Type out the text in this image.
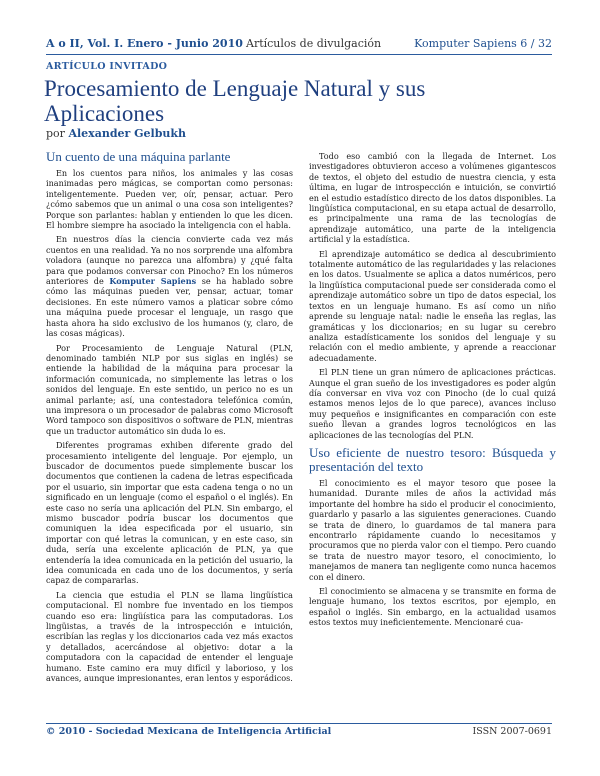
A o II, Vol. I. Enero - Junio 2010 Artículos de divulgación	Komputer Sapiens 6 / 32
ARTÍCULO INVITADO
Procesamiento de Lenguaje Natural y sus Aplicaciones
por Alexander Gelbukh
Un cuento de una máquina parlante

En los cuentos para niños, los animales y las cosas inanimadas pero mágicas, se comportan como personas: inteligentemente. Pueden ver, oír, pensar, actuar. Pero ¿cómo sabemos que un animal o una cosa son inteligentes? Porque son parlantes: hablan y entienden lo que les dicen. El hombre siempre ha asociado la inteligencia con el habla.

En nuestros días la ciencia convierte cada vez más cuentos en una realidad. Ya no nos sorprende una alfombra voladora (aunque no parezca una alfombra) y ¿qué falta para que podamos conversar con Pinocho? En los números anteriores de Komputer Sapiens se ha hablado sobre cómo las máquinas pueden ver, pensar, actuar, tomar decisiones. En este número vamos a platicar sobre cómo una máquina puede procesar el lenguaje, un rasgo que hasta ahora ha sido exclusivo de los humanos (y, claro, de las cosas mágicas).

Por Procesamiento de Lenguaje Natural (PLN, denominado también NLP por sus siglas en inglés) se entiende la habilidad de la máquina para procesar la información comunicada, no simplemente las letras o los sonidos del lenguaje. En este sentido, un perico no es un animal parlante; así, una contestadora telefónica común, una impresora o un procesador de palabras como Microsoft Word tampoco son dispositivos o software de PLN, mientras que un traductor automático sin duda lo es.

Diferentes programas exhiben diferente grado del procesamiento inteligente del lenguaje. Por ejemplo, un buscador de documentos puede simplemente buscar los documentos que contienen la cadena de letras especificada por el usuario, sin importar que esta cadena tenga o no un significado en un lenguaje (como el español o el inglés). En este caso no sería una aplicación del PLN. Sin embargo, el mismo buscador podría buscar los documentos que comuniquen la idea especificada por el usuario, sin importar con qué letras la comunican, y en este caso, sin duda, sería una excelente aplicación de PLN, ya que entendería la idea comunicada en la petición del usuario, la idea comunicada en cada uno de los documentos, y sería capaz de compararlas.

La ciencia que estudia el PLN se llama lingüística computacional. El nombre fue inventado en los tiempos cuando eso era: lingüística para las computadoras. Los lingüistas, a través de la introspección e intuición, escribían las reglas y los diccionarios cada vez más exactos y detallados, acercándose al objetivo: dotar a la computadora con la capacidad de entender el lenguaje humano. Este camino era muy difícil y laborioso, y los avances, aunque impresionantes, eran lentos y esporádicos.

Todo eso cambió con la llegada de Internet. Los investigadores obtuvieron acceso a volúmenes gigantescos de textos, el objeto del estudio de nuestra ciencia, y esta última, en lugar de introspección e intuición, se convirtió en el estudio estadístico directo de los datos disponibles. La lingüística computacional, en su etapa actual de desarrollo, es principalmente una rama de las tecnologías de aprendizaje automático, una parte de la inteligencia artificial y la estadística.

El aprendizaje automático se dedica al descubrimiento totalmente automático de las regularidades y las relaciones en los datos. Usualmente se aplica a datos numéricos, pero la lingüística computacional puede ser considerada como el aprendizaje automático sobre un tipo de datos especial, los textos en un lenguaje humano. Es así como un niño aprende su lenguaje natal: nadie le enseña las reglas, las gramáticas y los diccionarios; en su lugar su cerebro analiza estadísticamente los sonidos del lenguaje y su relación con el medio ambiente, y aprende a reaccionar adecuadamente.

El PLN tiene un gran número de aplicaciones prácticas. Aunque el gran sueño de los investigadores es poder algún día conversar en viva voz con Pinocho (de lo cual quizá estamos menos lejos de lo que parece), avances incluso muy pequeños e insignificantes en comparación con este sueño llevan a grandes logros tecnológicos en las aplicaciones de las tecnologías del PLN.

Uso eficiente de nuestro tesoro: Búsqueda y presentación del texto

El conocimiento es el mayor tesoro que posee la humanidad. Durante miles de años la actividad más importante del hombre ha sido el producir el conocimiento, guardarlo y pasarlo a las siguientes generaciones. Cuando se trata de dinero, lo guardamos de tal manera para encontrarlo rápidamente cuando lo necesitamos y procuramos que no pierda valor con el tiempo. Pero cuando se trata de nuestro mayor tesoro, el conocimiento, lo manejamos de manera tan negligente como nunca hacemos con el dinero.

El conocimiento se almacena y se transmite en forma de lenguaje humano, los textos escritos, por ejemplo, en español o inglés. Sin embargo, en la actualidad usamos estos textos muy ineficientemente. Mencionaré cua-

© 2010 - Sociedad Mexicana de Inteligencia Artificial	ISSN 2007-0691
